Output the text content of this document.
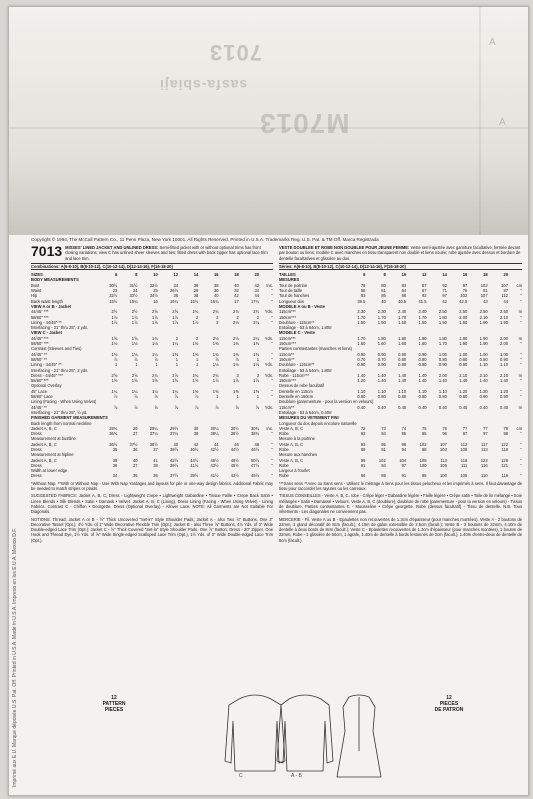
7013
M7013
sasfa-sbiaji
A
A
Copyright © 1994, The McCall Pattern Co., 11 Penn Plaza, New York 10001. All Rights Reserved. Printed in U.S.A. Trademarks Reg. U.S. Pat. & TM Off. Marca Registrada
7013 MISSES' LINED JACKET AND UNLINED DRESS: Semi-fitted jacket with or without optional trims has front closing variations; view C has unlined sheer sleeves and ties; fitted dress with back zipper has optional lace trim and lace trim.
Combinations: A(6-8-10), B(8-10-12), C(10-12-14), D(12-14-16), F(16-18-20)
SIZES	6	8	10	12	14	16	18	20
BODY MEASUREMENTS
Bust	30½	31½	32½	34	36	38	40	42	Ins.
Waist	23	24	25	26½	28	30	32	34	"
Hip	32½	33½	34½	36	38	40	42	44	"
Back waist length	15½	15¾	16	16¼	16½	16¾	17	17¼	"
VIEW A or B - Jacket
44/45" ***	2½	2½	2⅝	2⅝	2¾	2¾	2¾	2¾	Yds.
58/60" ***	1⅞	1⅞	1⅞	1⅞	2	2	2	2	"
Lining - 44/45" **	1⅞	1⅞	1⅞	1⅞	1⅞	2	2⅛	2⅛	"
Interfacing - 21" thru 25", 2 yds.
VIEW C - Jacket
44/45" ***	1⅝	1⅝	1¾	2	2	2⅛	2⅛	2¼	Yds.
58/60" ***	1⅛	1⅛	1¼	1¼	1⅜	1⅜	1⅜	1⅜	"
Contrast (Sleeves and Ties)
44/45" **	1⅛	1⅛	1¼	1⅜	1⅜	1⅜	1⅜	1⅜	"
58/60" **	⅞	⅞	⅞	1	1	⅞	⅞	1	"
Lining - 44/45" **	1	1	1	1	1	1⅛	1⅛	1⅛	Yds.
Interfacing - 21" thru 25", 2 yds.
Dress - 44/45" ***	2⅝	2⅝	2¾	2⅞	2¾	2¾	3	3	Yds.
58/60" ***	1⅝	1⅝	1⅝	1⅝	1⅝	1⅞	1⅞	1⅞	"
Optional Overlay
45" Lace	1¼	1¼	1¼	1¼	1⅜	1⅜	1⅜	1⅜	"
58/60" Lace	⅞	⅞	⅞	⅞	⅞	1	1	1	"
Lining (Facing - When Using Velvet)
44/45" **	⅞	⅞	⅞	⅞	⅞	⅞	⅞	⅞	Yds.
Interfacing - 21" thru 25", ½ yd.
FINISHED GARMENT MEASUREMENTS
Back length from normal neckline
Jacket A, B, C	28¾	29	29¼	29½	30	30¼	30½	30¾	Ins.
Dress	36¾	37	37¼	37¼	38	38¼	38½	38¾	"
Measurement at bustline
Jacket A, B, C	36½	37½	38½	40	42	44	46	48	"
Dress	35	36	37	38½	40½	42½	44½	46½	"
Measurement at hipline
Jacket A, B, C	39	40	41	42½	44½	46½	48½	50½	"
Dress	36	37	38	39½	41½	43½	45½	47½	"
Width at lower edge
Dress	34	35	36	37½	39½	41½	43½	45½	"
*Without Nap. **With or Without Nap - Use With Nap Yardages and layouts for pile or one-way design fabrics. Additional Fabric may be needed to match stripes or plaids.
SUGGESTED FABRICS: Jacket A, B, C, Dress - Lightweight Crepe • Lightweight Gabardine • Tissue Faille • Crepe Back Satin • Linen Blends • Silk Blends • Satin • Damask • Velvet. Jacket A, B, C (Lining), Dress Lining (Facing - When Using Velvet) - Lining Fabrics. Contrast C - Chiffon • Georgette. Dress (Optional Overlay) - Allover Lace. NOTE: All Garments are Not Suitable For Diagonals.
NOTIONS: Thread; Jacket A or B - ½" Thick Uncovered "Set-in" Style Shoulder Pads; Jacket A - also Two ⅞" Buttons, One 3" Decorative Tassel (Opt.), 4½ Yds. of 1" Wide Decorative Flexible Trim (Opt.); Jacket B - also Three ⅞" Buttons, 4½ Yds. of 3" Wide Double-edged Lace Trim (Opt.); Jacket C - ½" Thick Covered "Set-in" Style Shoulder Pads, One ⅞" Button; Dress - 20" Zipper, One Hook and Thread Eye, 1½ Yds. of ⅞" Wide Single-edged Scalloped Lace Trim (Opt.), 1½ Yds. of 3" Wide Double-edged Lace Trim (Opt.).
VESTE DOUBLEE ET ROBE NON DOUBLEE POUR JEUNE FEMME: Veste semi-ajustée avec garniture facultative, fermée devant par bouton ou liens; modèle C avec manches en tissu transparent non doublé et liens nouée; robe ajustée avec dessus et bordure de dentelle facultatives et glissière au dos.
Séries: A(6-8-10), B(8-10-12), C(10-12-14), D(12-14-16), F(16-18-20)
TAILLES	6	8	10	12	14	16	18	20
MESURES
Tour de poitrine	78	80	83	87	92	97	102	107	cm
Tour de taille	58	61	64	67	71	76	81	87	"
Tour de hanches	83	85	88	92	97	102	107	112	"
Longueur dos	39.5	40	40.5	41.5	42	42.5	43	44	"
MODELE A ou B - Veste
115cm***	2.30	2.30	2.40	2.40	2.50	2.50	2.50	2.50	m
150cm***	1.70	1.70	1.70	1.70	1.80	2.00	2.10	2.10	"
Doublure - 115cm**	1.50	1.50	1.50	1.50	1.50	1.60	1.90	1.90	"
Entoilage - 53 à 64cm, 1.80m
MODELE C - Veste
115cm***	1.70	1.80	1.80	1.80	1.80	1.90	1.90	2.00	m
150cm***	1.60	1.60	1.60	1.60	1.70	1.90	1.90	2.00	"
Parties contrastantes (manches et liens)
115cm**	0.90	0.90	0.90	0.90	1.00	1.00	1.00	1.00	"
150cm**	0.70	0.70	0.80	0.80	0.80	0.80	0.80	0.90	"
Doublure - 115cm**	0.90	0.90	0.90	0.90	0.90	0.90	1.10	1.10	"
Entoilage - 53 à 64cm, 1.80m
Robe - 115cm***	1.40	1.40	1.40	1.40	2.00	2.10	2.10	2.10	m
150cm***	1.20	1.40	1.40	1.40	1.40	1.40	1.40	1.40	"
Dessus de robe facultatif
Dentelle en 115cm	1.10	1.10	1.10	1.10	1.10	1.20	1.20	1.20	"
Dentelle en 150cm	0.80	0.80	0.80	0.80	0.80	0.80	0.90	0.90	"
Doublure (parementure - pour la version en velours)
115cm**	0.40	0.40	0.40	0.40	0.40	0.40	0.40	0.40	m
Entoilage - 53 à 64cm, 0.40m
MESURES DU VETEMENT FINI
Longueur du dos depuis encolure naturelle
Veste A, B, C	72	73	74	75	76	77	77	78	cm
Robe	93	94	95	95	96	97	97	98	"
Mesure à la poitrine
Veste A, B, C	93	95	98	102	107	112	117	122	"
Robe	89	91	94	98	103	108	113	118	"
Mesure aux hanches
Veste A, B, C	99	102	104	108	113	118	123	128	"
Robe	91	94	97	100	105	111	116	121	"
Largeur à l'ourlet
Robe	86	89	91	95	100	105	110	116	"
***Sans sens **Avec ou Sans sens - Utilisez le métrage à sens pour les tissus pelucheux et les imprimés à sens. Il faut davantage de tissu pour raccorder les rayures ou les carreaux.
TISSUS CONSEILLES - Veste A, B, C, robe - Crêpe léger • Gabardine légère • Faille légère • Crêpe satin • Toile de lin mélangé • Soie mélangée • Satin • Damassé • Velours. Veste A, B, C (doublure), doublure de robe (parementure - pour la version en velours) - Tissus de doublure. Parties contrastantes C - Mousseline • Crêpe georgette. Robe (dessus facultatif) - Tissu de dentelle. N.B. Tous vêtements - Les diagonales ne conviennent pas.
MERCERIE - Fil. Veste A ou B - Epaulettes non recouvertes de 1.3cm d'épaisseur (pour manches montées). Veste A - 2 boutons de 22mm, 1 gland décoratif de 8cm (facult.), 4.10m de galon extensible de 2.5cm (facult.); Veste B - 3 boutons de 22mm, 4.10m de dentelle à deux bords de 8cm (facult.); Veste C - Epaulettes recouvertes de 1.3cm d'épaisseur (pour manches montées), 1 bouton de 22mm; Robe - 1 glissière de 50cm, 1 agrafe, 1.40m de dentelle à bords festonnés de 2cm (facult.), 1.40m d'entre-deux de dentelle de 8cm (facult.).
C	A - B
12
PATTERN
PIECES
12
PIECES
DE PATRON
Imprimé aux E.U. Marque déposée U.S. Pat. Off. Printed in U.S.A. Made in U.S.A. Impreso en los E.U.A. Mexico D.F.
